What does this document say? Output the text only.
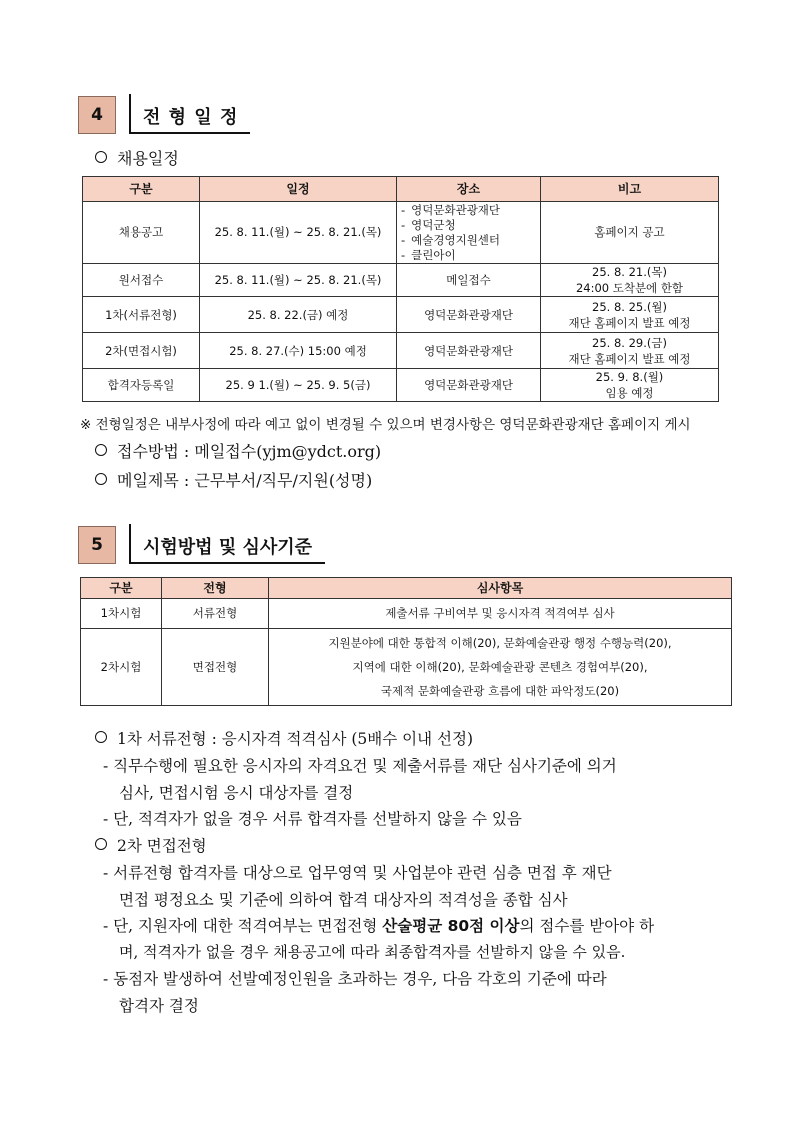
4	전 형 일 정
채용일정
구분	일정	장소	비고
채용공고	25. 8. 11.(월) ~ 25. 8. 21.(목)	- 영덕문화관광재단
- 영덕군청
- 예술경영지원센터
- 클린아이	홈페이지 공고
원서접수	25. 8. 11.(월) ~ 25. 8. 21.(목)	메일접수	25. 8. 21.(목)
24:00 도착분에 한함

1차(서류전형)	25. 8. 22.(금) 예정	영덕문화관광재단	25. 8. 25.(월)
재단 홈페이지 발표 예정

2차(면접시험)	25. 8. 27.(수) 15:00 예정	영덕문화관광재단	25. 8. 29.(금)
재단 홈페이지 발표 예정

합격자등록일	25. 9 1.(월) ~ 25. 9. 5(금)	영덕문화관광재단	25. 9. 8.(월)
임용 예정
※ 전형일정은 내부사정에 따라 예고 없이 변경될 수 있으며 변경사항은 영덕문화관광재단 홈페이지 게시
접수방법 : 메일접수(yjm@ydct.org)
메일제목 : 근무부서/직무/지원(성명)
5	시험방법 및 심사기준
구분	전형	심사항목
1차시험	서류전형	제출서류 구비여부 및 응시자격 적격여부 심사
2차시험	면접전형	지원분야에 대한 통합적 이해(20), 문화예술관광 행정 수행능력(20),
지역에 대한 이해(20), 문화예술관광 콘텐츠 경험여부(20),
국제적 문화예술관광 흐름에 대한 파악정도(20)
1차 서류전형 : 응시자격 적격심사 (5배수 이내 선정)
- 직무수행에 필요한 응시자의 자격요건 및 제출서류를 재단 심사기준에 의거
심사, 면접시험 응시 대상자를 결정
- 단, 적격자가 없을 경우 서류 합격자를 선발하지 않을 수 있음
2차 면접전형
- 서류전형 합격자를 대상으로 업무영역 및 사업분야 관련 심층 면접 후 재단
면접 평정요소 및 기준에 의하여 합격 대상자의 적격성을 종합 심사
- 단, 지원자에 대한 적격여부는 면접전형 산술평균 80점 이상의 점수를 받아야 하
며, 적격자가 없을 경우 채용공고에 따라 최종합격자를 선발하지 않을 수 있음.
- 동점자 발생하여 선발예정인원을 초과하는 경우, 다음 각호의 기준에 따라
합격자 결정
